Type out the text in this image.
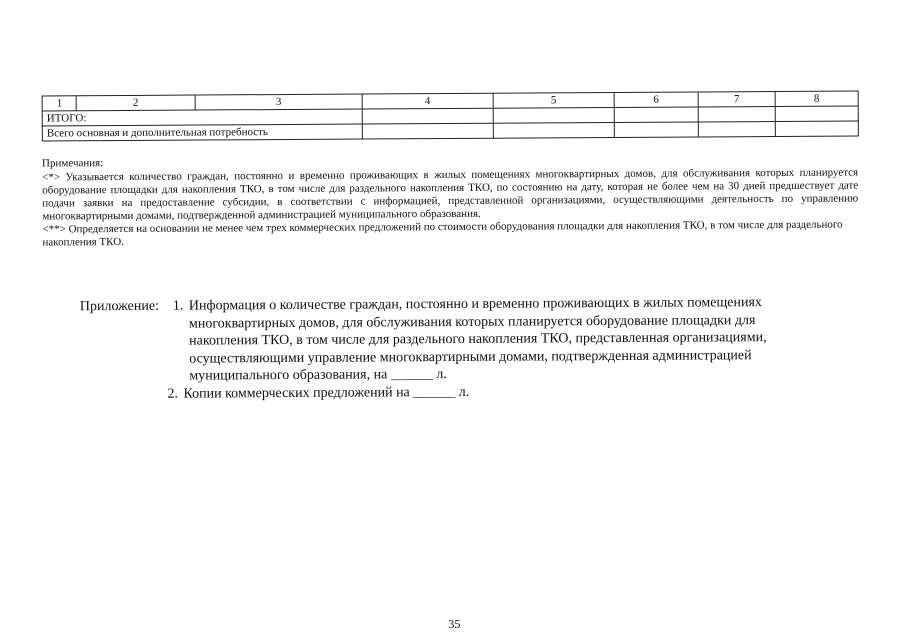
1	2	3	4	5	6	7	8
ИТОГО:							
Всего основная и дополнительная потребность							

Примечания:

<*> Указывается количество граждан, постоянно и временно проживающих в жилых помещениях многоквартирных домов, для обслуживания которых планируется оборудование площадки для накопления ТКО, в том числе для раздельного накопления ТКО, по состоянию на дату, которая не более чем на 30 дней предшествует дате подачи заявки на предоставление субсидии, в соответствии с информацией, представленной организациями, осуществляющими деятельность по управлению многоквартирными домами, подтвержденной администрацией муниципального образования.

<**> Определяется на основании не менее чем трех коммерческих предложений по стоимости оборудования площадки для накопления ТКО, в том числе для раздельного накопления ТКО.

Приложение: 1. Информация о количестве граждан, постоянно и временно проживающих в жилых помещениях многоквартирных домов, для обслуживания которых планируется оборудование площадки для накопления ТКО, в том числе для раздельного накопления ТКО, представленная организациями, осуществляющими управление многоквартирными домами, подтвержденная администрацией муниципального образования, на ______ л.
2. Копии коммерческих предложений на ______ л.
35
